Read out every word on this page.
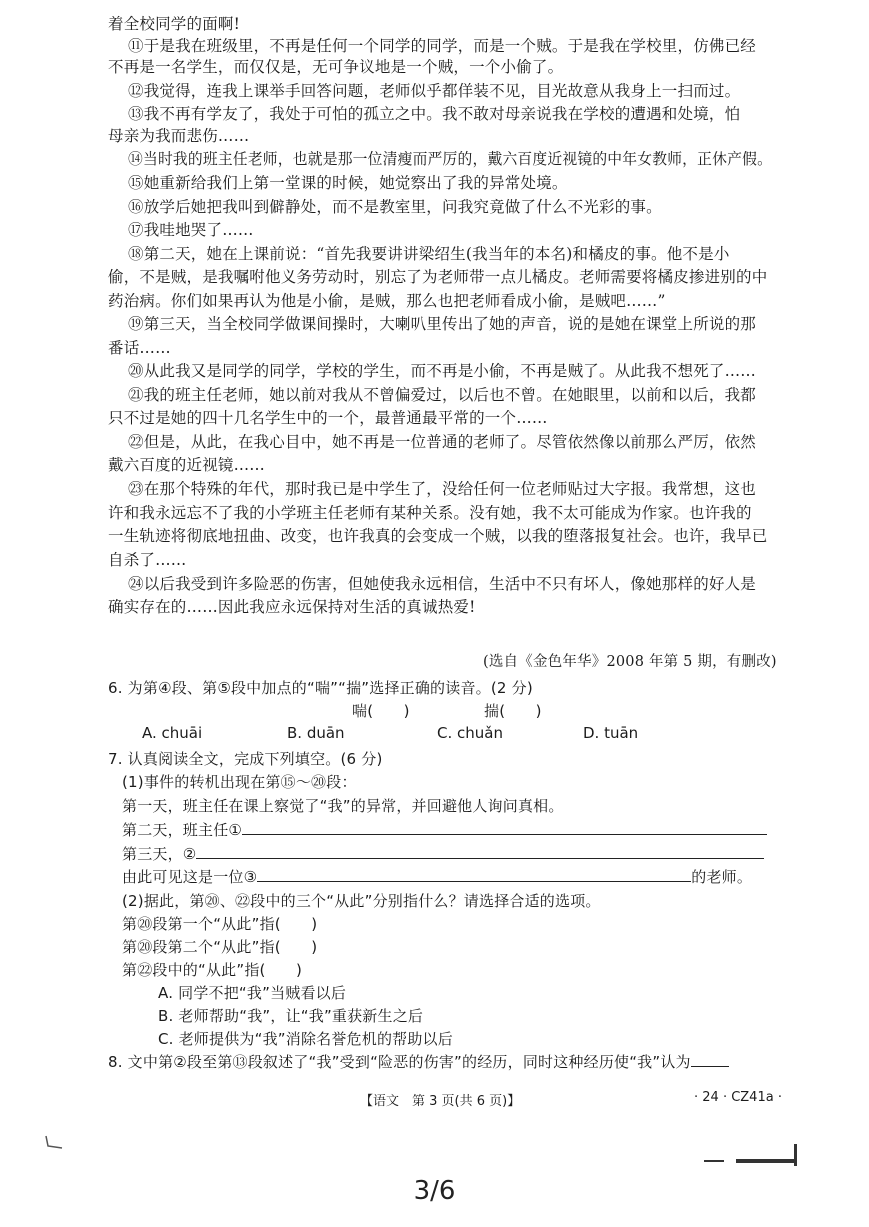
着全校同学的面啊!
⑪于是我在班级里，不再是任何一个同学的同学，而是一个贼。于是我在学校里，仿佛已经
不再是一名学生，而仅仅是，无可争议地是一个贼，一个小偷了。
⑫我觉得，连我上课举手回答问题，老师似乎都佯装不见，目光故意从我身上一扫而过。
⑬我不再有学友了，我处于可怕的孤立之中。我不敢对母亲说我在学校的遭遇和处境，怕
母亲为我而悲伤……
⑭当时我的班主任老师，也就是那一位清瘦而严厉的，戴六百度近视镜的中年女教师，正休产假。
⑮她重新给我们上第一堂课的时候，她觉察出了我的异常处境。
⑯放学后她把我叫到僻静处，而不是教室里，问我究竟做了什么不光彩的事。
⑰我哇地哭了……
⑱第二天，她在上课前说：“首先我要讲讲梁绍生(我当年的本名)和橘皮的事。他不是小
偷，不是贼，是我嘱咐他义务劳动时，别忘了为老师带一点儿橘皮。老师需要将橘皮掺进别的中
药治病。你们如果再认为他是小偷，是贼，那么也把老师看成小偷，是贼吧……”
⑲第三天，当全校同学做课间操时，大喇叭里传出了她的声音，说的是她在课堂上所说的那
番话……
⑳从此我又是同学的同学，学校的学生，而不再是小偷，不再是贼了。从此我不想死了……
㉑我的班主任老师，她以前对我从不曾偏爱过，以后也不曾。在她眼里，以前和以后，我都
只不过是她的四十几名学生中的一个，最普通最平常的一个……
㉒但是，从此，在我心目中，她不再是一位普通的老师了。尽管依然像以前那么严厉，依然
戴六百度的近视镜……
㉓在那个特殊的年代，那时我已是中学生了，没给任何一位老师贴过大字报。我常想，这也
许和我永远忘不了我的小学班主任老师有某种关系。没有她，我不太可能成为作家。也许我的
一生轨迹将彻底地扭曲、改变，也许我真的会变成一个贼，以我的堕落报复社会。也许，我早已
自杀了……
㉔以后我受到许多险恶的伤害，但她使我永远相信，生活中不只有坏人，像她那样的好人是
确实存在的……因此我应永远保持对生活的真诚热爱!
(选自《金色年华》2008 年第 5 期，有删改)
6. 为第④段、第⑤段中加点的“喘”“揣”选择正确的读音。(2 分)
喘(　　)	揣(　　)
A. chuāi	B. duān	C. chuǎn	D. tuān
7. 认真阅读全文，完成下列填空。(6 分)
(1)事件的转机出现在第⑮～⑳段：
第一天，班主任在课上察觉了“我”的异常，并回避他人询问真相。
第二天，班主任①
第三天，②
由此可见这是一位③	的老师。
(2)据此，第⑳、㉒段中的三个“从此”分别指什么？请选择合适的选项。
第⑳段第一个“从此”指(　　)
第⑳段第二个“从此”指(　　)
第㉒段中的“从此”指(　　)
A. 同学不把“我”当贼看以后
B. 老师帮助“我”，让“我”重获新生之后
C. 老师提供为“我”消除名誉危机的帮助以后
8. 文中第②段至第⑬段叙述了“我”受到“险恶的伤害”的经历，同时这种经历使“我”认为
【语文　第 3 页(共 6 页)】	· 24 · CZ41a ·
3/6
